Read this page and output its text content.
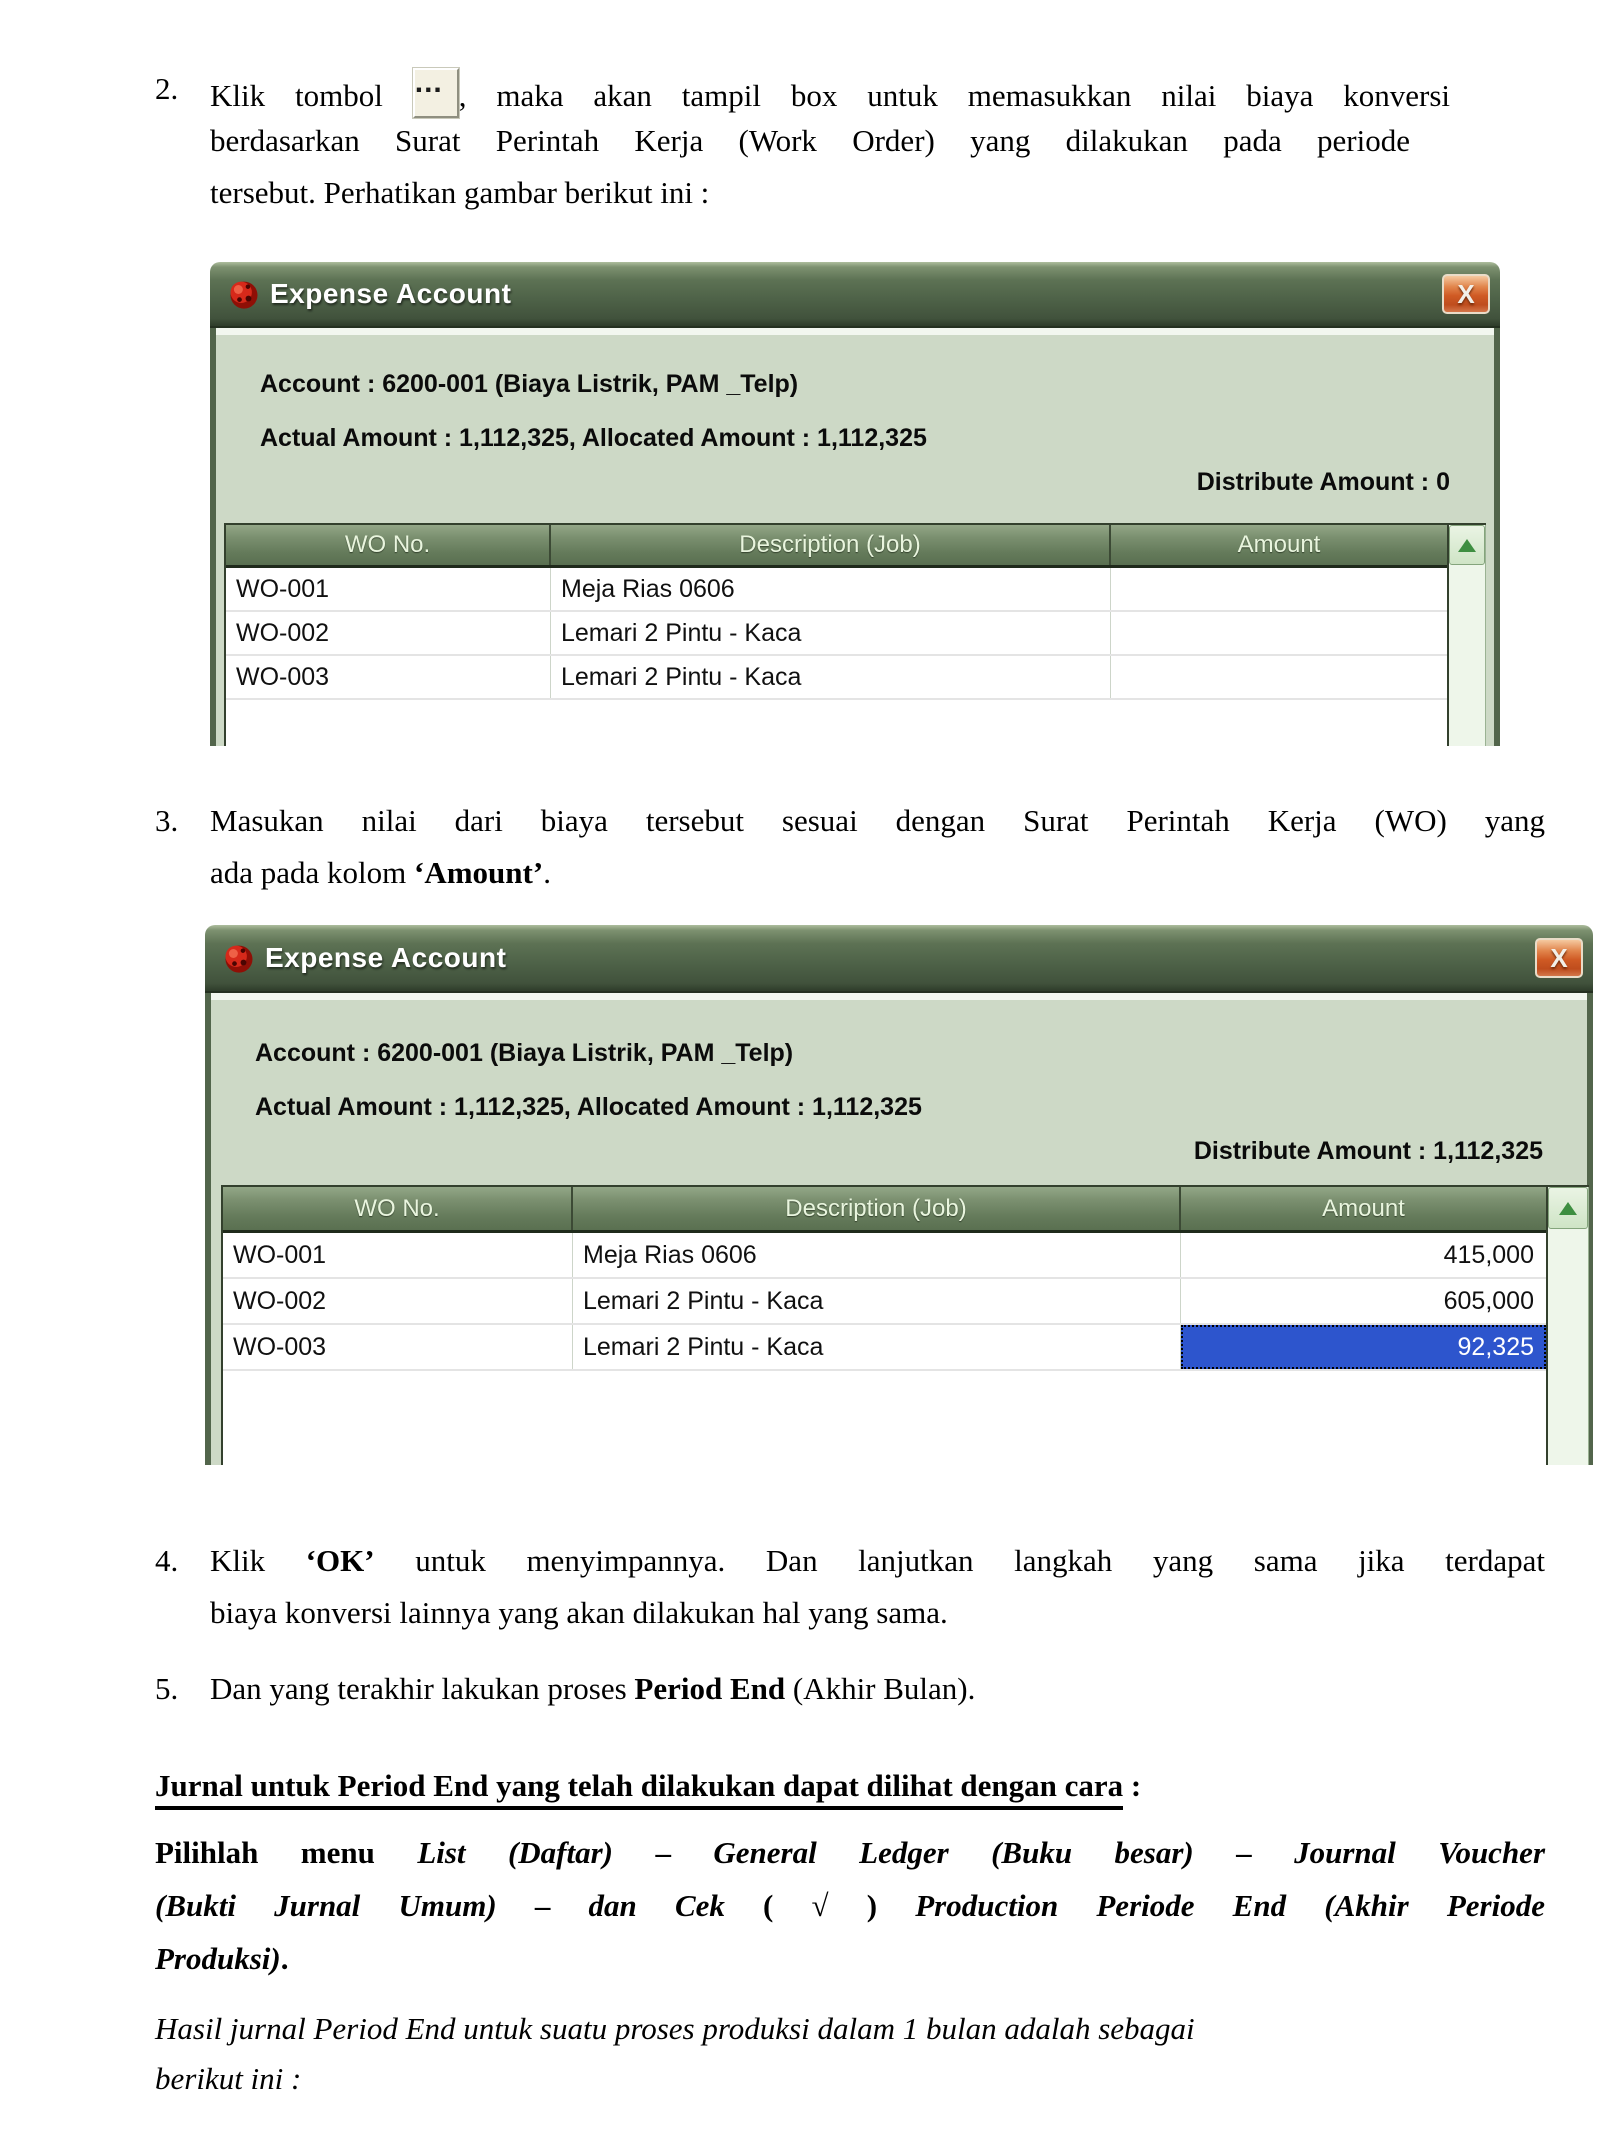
2. Klik tombol ... , maka akan tampil box untuk memasukkan nilai biaya konversi
berdasarkan Surat Perintah Kerja (Work Order) yang dilakukan pada periode
tersebut. Perhatikan gambar berikut ini :
Expense Account	X
Account : 6200-001 (Biaya Listrik, PAM _Telp)
Actual Amount : 1,112,325, Allocated Amount : 1,112,325
Distribute Amount : 0
WO No.	Description (Job)	Amount
WO-001	Meja Rias 0606
WO-002	Lemari 2 Pintu - Kaca
WO-003	Lemari 2 Pintu - Kaca
3. Masukan nilai dari biaya tersebut sesuai dengan Surat Perintah Kerja (WO) yang
ada pada kolom ‘Amount’.
Expense Account	X
Account : 6200-001 (Biaya Listrik, PAM _Telp)
Actual Amount : 1,112,325, Allocated Amount : 1,112,325
Distribute Amount : 1,112,325
WO No.	Description (Job)	Amount
WO-001	Meja Rias 0606	415,000
WO-002	Lemari 2 Pintu - Kaca	605,000
WO-003	Lemari 2 Pintu - Kaca	92,325
4. Klik ‘OK’ untuk menyimpannya. Dan lanjutkan langkah yang sama jika terdapat
biaya konversi lainnya yang akan dilakukan hal yang sama.
5. Dan yang terakhir lakukan proses Period End (Akhir Bulan).
Jurnal untuk Period End yang telah dilakukan dapat dilihat dengan cara :
Pilihlah menu List (Daftar) – General Ledger (Buku besar) – Journal Voucher
(Bukti Jurnal Umum) – dan Cek ( √ ) Production Periode End (Akhir Periode
Produksi).
Hasil jurnal Period End untuk suatu proses produksi dalam 1 bulan adalah sebagai
berikut ini :
